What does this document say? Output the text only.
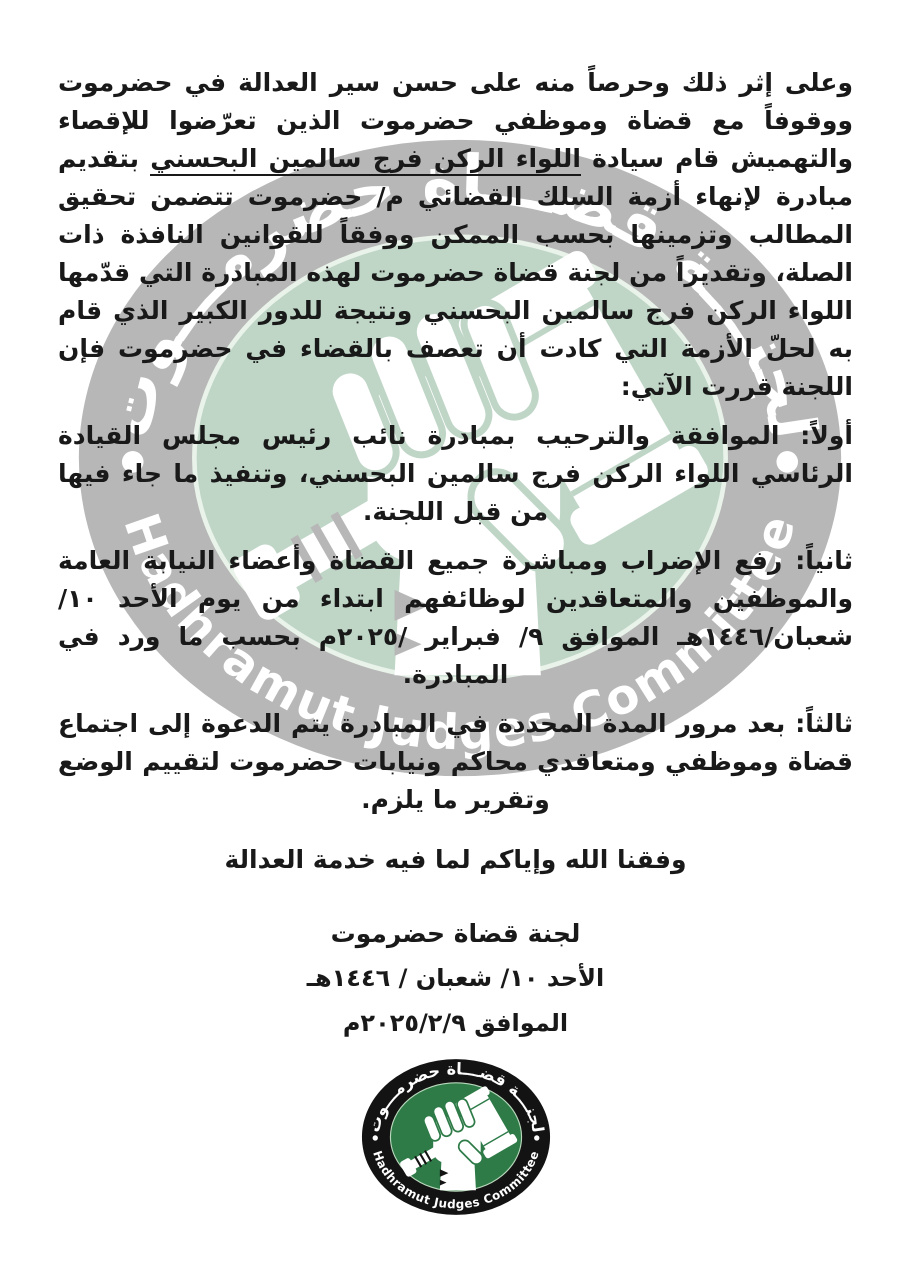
وعلى إثر ذلك وحرصاً منه على حسن سير العدالة في حضرموت ووقوفاً مع قضاة وموظفي حضرموت الذين تعرّضوا للإقصاء والتهميش قام سيادة اللواء الركن فرج سالمين البحسني بتقديم مبادرة لإنهاء أزمة السلك القضائي م/ حضرموت تتضمن تحقيق المطالب وتزمينها بحسب الممكن ووفقاً للقوانين النافذة ذات الصلة، وتقديراً من لجنة قضاة حضرموت لهذه المبادرة التي قدّمها اللواء الركن فرج سالمين البحسني ونتيجة للدور الكبير الذي قام به لحلّ الأزمة التي كادت أن تعصف بالقضاء في حضرموت فإن اللجنة قررت الآتي:

أولاً: الموافقة والترحيب بمبادرة نائب رئيس مجلس القيادة الرئاسي اللواء الركن فرج سالمين البحسني، وتنفيذ ما جاء فيها من قبل اللجنة.

ثانياً: رفع الإضراب ومباشرة جميع القضاة وأعضاء النيابة العامة والموظفين والمتعاقدين لوظائفهم ابتداء من يوم الأحد ١٠/ شعبان/١٤٤٦هـ الموافق ٩/ فبراير /٢٠٢٥م بحسب ما ورد في المبادرة.

ثالثاً: بعد مرور المدة المحددة في المبادرة يتم الدعوة إلى اجتماع قضاة وموظفي ومتعاقدي محاكم ونيابات حضرموت لتقييم الوضع وتقرير ما يلزم.

وفقنا الله وإياكم لما فيه خدمة العدالة

لجنة قضاة حضرموت

الأحد ١٠/ شعبان / ١٤٤٦هـ

الموافق ٢٠٢٥/٢/٩م
